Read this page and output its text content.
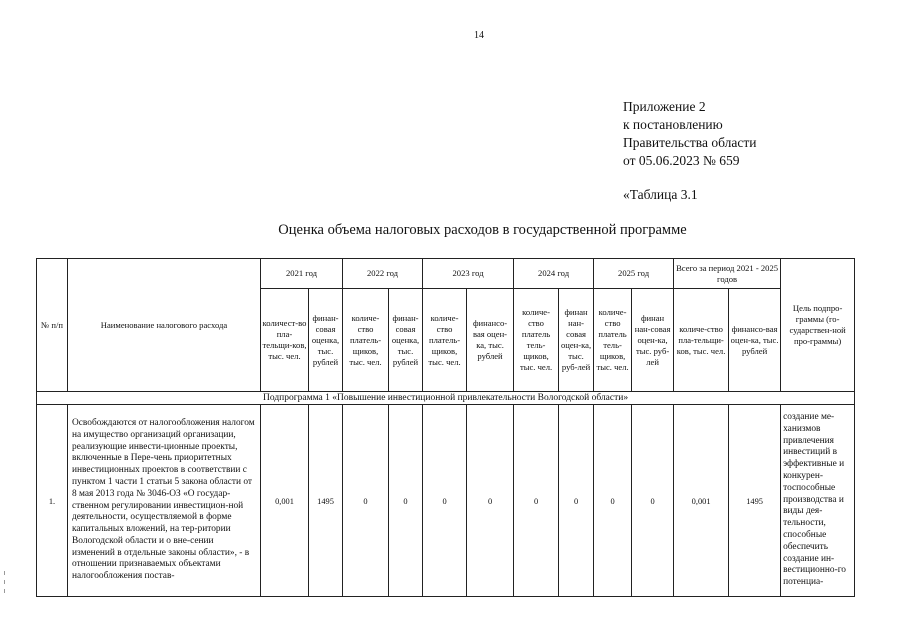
14
Приложение 2
к постановлению
Правительства области
от 05.06.2023 № 659
«Таблица 3.1
Оценка объема налоговых расходов в государственной программе
№ п/п	Наименование налогового расхода	2021 год		2022 год		2023 год		2024 год		2025 год		Всего за период 2021 - 2025 годов		Цель подпро-граммы (го-сударствен-ной про-граммы)
		количест-во пла-тельщи-ков, тыс. чел.	финан-совая оценка, тыс. рублей	количе-ство платель-щиков, тыс. чел.	финан-совая оценка, тыс. рублей	количе-ство платель-щиков, тыс. чел.	финансо-вая оцен-ка, тыс. рублей	количе-ство платель тель-щиков, тыс. чел.	финан нан-совая оцен-ка, тыс. руб-лей	количе-ство платель тель-щиков, тыс. чел.	финан нан-совая оцен-ка, тыс. руб-лей	количе-ство пла-тельщи-ков, тыс. чел.	финансо-вая оцен-ка, тыс. рублей	
Подпрограмма 1 «Повышение инвестиционной привлекательности Вологодской области»														
1.	Освобождаются от налогообложения налогом на имущество организаций организации, реализующие инвести-ционные проекты, включенные в Пере-чень приоритетных инвестиционных проектов в соответствии с пунктом 1 части 1 статьи 5 закона области от 8 мая 2013 года № 3046-ОЗ «О государ-ственном регулировании инвестицион-ной деятельности, осуществляемой в форме капитальных вложений, на тер-ритории Вологодской области и о вне-сении изменений в отдельные законы области», - в отношении признаваемых объектами налогообложения постав-	0,001	1495	0	0	0	0	0	0	0	0	0,001	1495	создание ме-ханизмов привлечения инвестиций в эффективные и конкурен-тоспособные производства и виды дея-тельности, способные обеспечить создание ин-вестиционно-го потенциа-
